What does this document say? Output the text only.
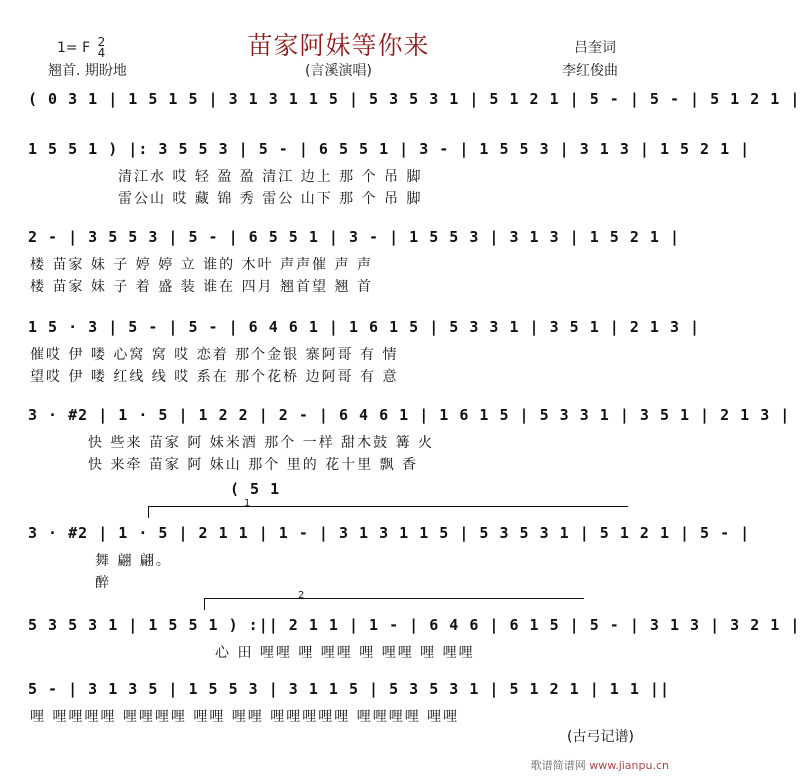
苗家阿妹等你来
1= F 2
4
翘首. 期盼地	(言溪演唱)
吕奎词
李红俊曲
( 0 3 1 | 1 5 1 5 | 3 1 3 1 1 5 | 5 3 5 3 1 | 5 1 2 1 | 5 - | 5 - | 5 1 2 1 |
1 5 5 1 ) |: 3 5 5 3 | 5 - | 6 5 5 1 | 3 - | 1 5 5 3 | 3 1 3 | 1 5 2 1 |
清江水 哎 轻 盈 盈 清江 边上 那 个 吊 脚
雷公山 哎 藏 锦 秀 雷公 山下 那 个 吊 脚
2 - | 3 5 5 3 | 5 - | 6 5 5 1 | 3 - | 1 5 5 3 | 3 1 3 | 1 5 2 1 |
楼 苗家 妹 子 婷 婷 立 谁的 木叶 声声催 声 声
楼 苗家 妹 子 着 盛 装 谁在 四月 翘首望 翘 首
1 5 · 3 | 5 - | 5 - | 6 4 6 1 | 1 6 1 5 | 5 3 3 1 | 3 5 1 | 2 1 3 |
催哎 伊 喽 心窝 窝 哎 恋着 那个金银 寨阿哥 有 情
望哎 伊 喽 红线 线 哎 系在 那个花桥 边阿哥 有 意
3 · #2 | 1 · 5 | 1 2 2 | 2 - | 6 4 6 1 | 1 6 1 5 | 5 3 3 1 | 3 5 1 | 2 1 3 |
快 些来 苗家 阿 妹米酒 那个 一样 甜木鼓 篝 火
快 来牵 苗家 阿 妹山 那个 里的 花十里 飘 香
( 5 1
1
3 · #2 | 1 · 5 | 2 1 1 | 1 - | 3 1 3 1 1 5 | 5 3 5 3 1 | 5 1 2 1 | 5 - |
舞 翩 翩。
醉
2
5 3 5 3 1 | 1 5 5 1 ) :|| 2 1 1 | 1 - | 6 4 6 | 6 1 5 | 5 - | 3 1 3 | 3 2 1 |
心 田 哩哩 哩 哩哩 哩 哩哩 哩 哩哩
5 - | 3 1 3 5 | 1 5 5 3 | 3 1 1 5 | 5 3 5 3 1 | 5 1 2 1 | 1 1 ||
哩 哩哩哩哩 哩哩哩哩 哩哩 哩哩 哩哩哩哩哩 哩哩哩哩 哩哩
(古弓记谱)
歌谱简谱网 www.jianpu.cn
